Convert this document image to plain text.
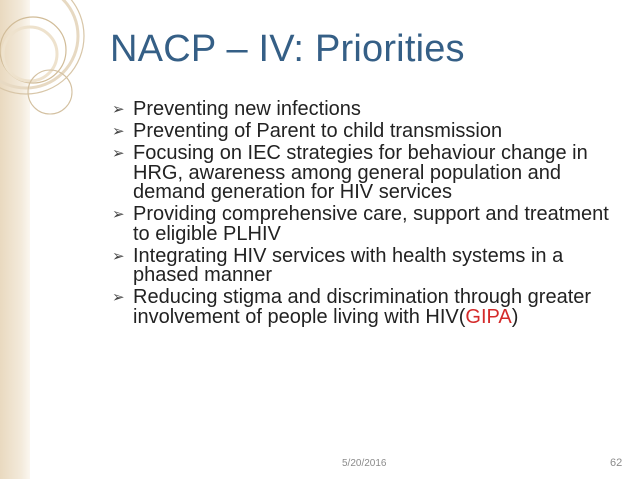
NACP – IV: Priorities
➢ Preventing new infections
➢ Preventing of Parent to child transmission
➢ Focusing on IEC strategies for behaviour change in HRG, awareness among general population and demand generation for HIV services
➢ Providing comprehensive care, support and treatment to eligible PLHIV
➢ Integrating HIV services with health systems in a phased manner
➢ Reducing stigma and discrimination through greater involvement of people living with HIV(GIPA)
5/20/2016	62
